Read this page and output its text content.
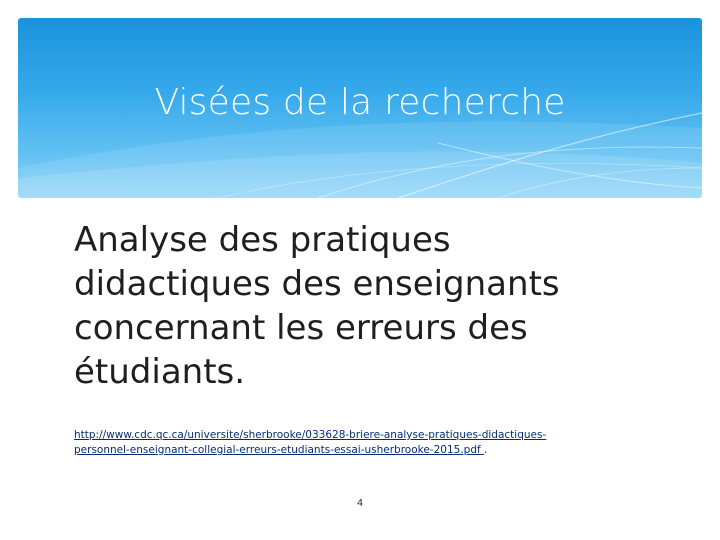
Visées de la recherche
Analyse des pratiques
didactiques des enseignants
concernant les erreurs des
étudiants.
http://www.cdc.qc.ca/universite/sherbrooke/033628-briere-analyse-pratiques-didactiques-
personnel-enseignant-collegial-erreurs-etudiants-essai-usherbrooke-2015.pdf .
4
